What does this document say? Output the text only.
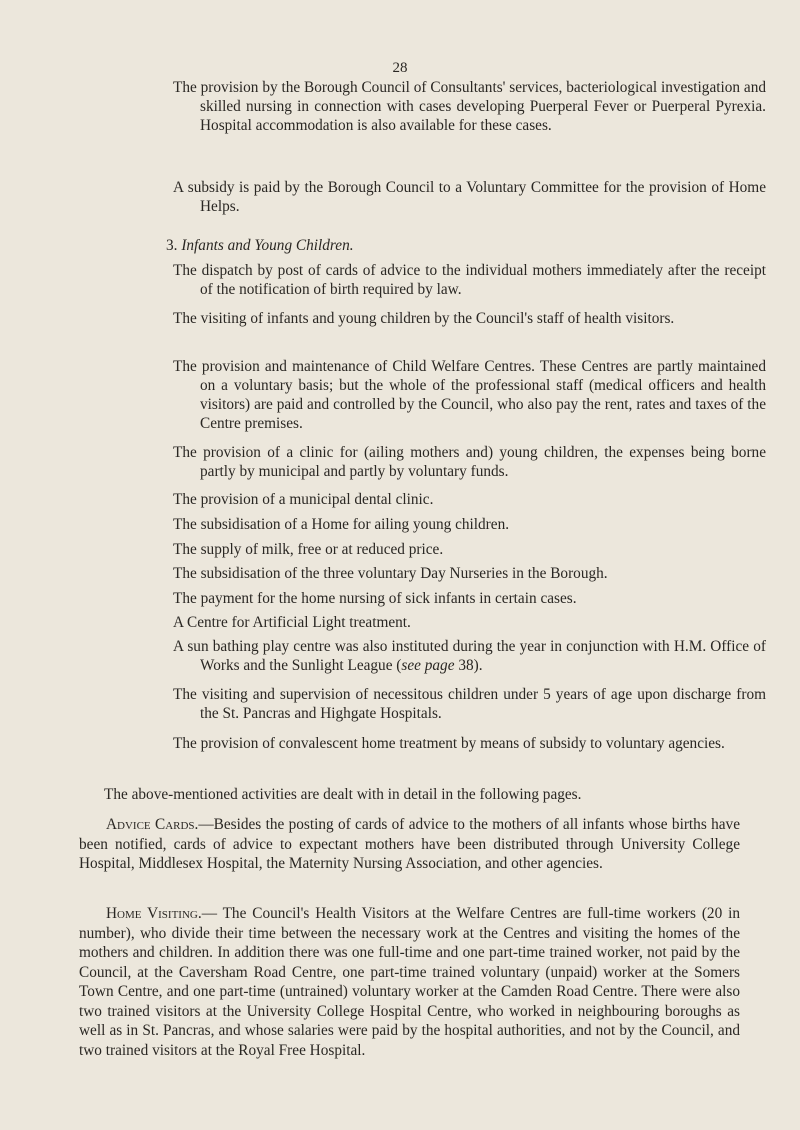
28

The provision by the Borough Council of Consultants' services, bacteriological investigation and skilled nursing in connection with cases developing Puerperal Fever or Puerperal Pyrexia. Hospital accommodation is also available for these cases.

A subsidy is paid by the Borough Council to a Voluntary Committee for the provision of Home Helps.

3. Infants and Young Children.

The dispatch by post of cards of advice to the individual mothers immediately after the receipt of the notification of birth required by law.

The visiting of infants and young children by the Council's staff of health visitors.

The provision and maintenance of Child Welfare Centres. These Centres are partly maintained on a voluntary basis; but the whole of the professional staff (medical officers and health visitors) are paid and controlled by the Council, who also pay the rent, rates and taxes of the Centre premises.

The provision of a clinic for (ailing mothers and) young children, the expenses being borne partly by municipal and partly by voluntary funds.

The provision of a municipal dental clinic.

The subsidisation of a Home for ailing young children.

The supply of milk, free or at reduced price.

The subsidisation of the three voluntary Day Nurseries in the Borough.

The payment for the home nursing of sick infants in certain cases.

A Centre for Artificial Light treatment.

A sun bathing play centre was also instituted during the year in conjunction with H.M. Office of Works and the Sunlight League (see page 38).

The visiting and supervision of necessitous children under 5 years of age upon discharge from the St. Pancras and Highgate Hospitals.

The provision of convalescent home treatment by means of subsidy to voluntary agencies.

The above-mentioned activities are dealt with in detail in the following pages.

Advice Cards.—Besides the posting of cards of advice to the mothers of all infants whose births have been notified, cards of advice to expectant mothers have been distributed through University College Hospital, Middlesex Hospital, the Maternity Nursing Association, and other agencies.

Home Visiting.— The Council's Health Visitors at the Welfare Centres are full-time workers (20 in number), who divide their time between the necessary work at the Centres and visiting the homes of the mothers and children. In addition there was one full-time and one part-time trained worker, not paid by the Council, at the Caversham Road Centre, one part-time trained voluntary (unpaid) worker at the Somers Town Centre, and one part-time (untrained) voluntary worker at the Camden Road Centre. There were also two trained visitors at the University College Hospital Centre, who worked in neighbouring boroughs as well as in St. Pancras, and whose salaries were paid by the hospital authorities, and not by the Council, and two trained visitors at the Royal Free Hospital.
